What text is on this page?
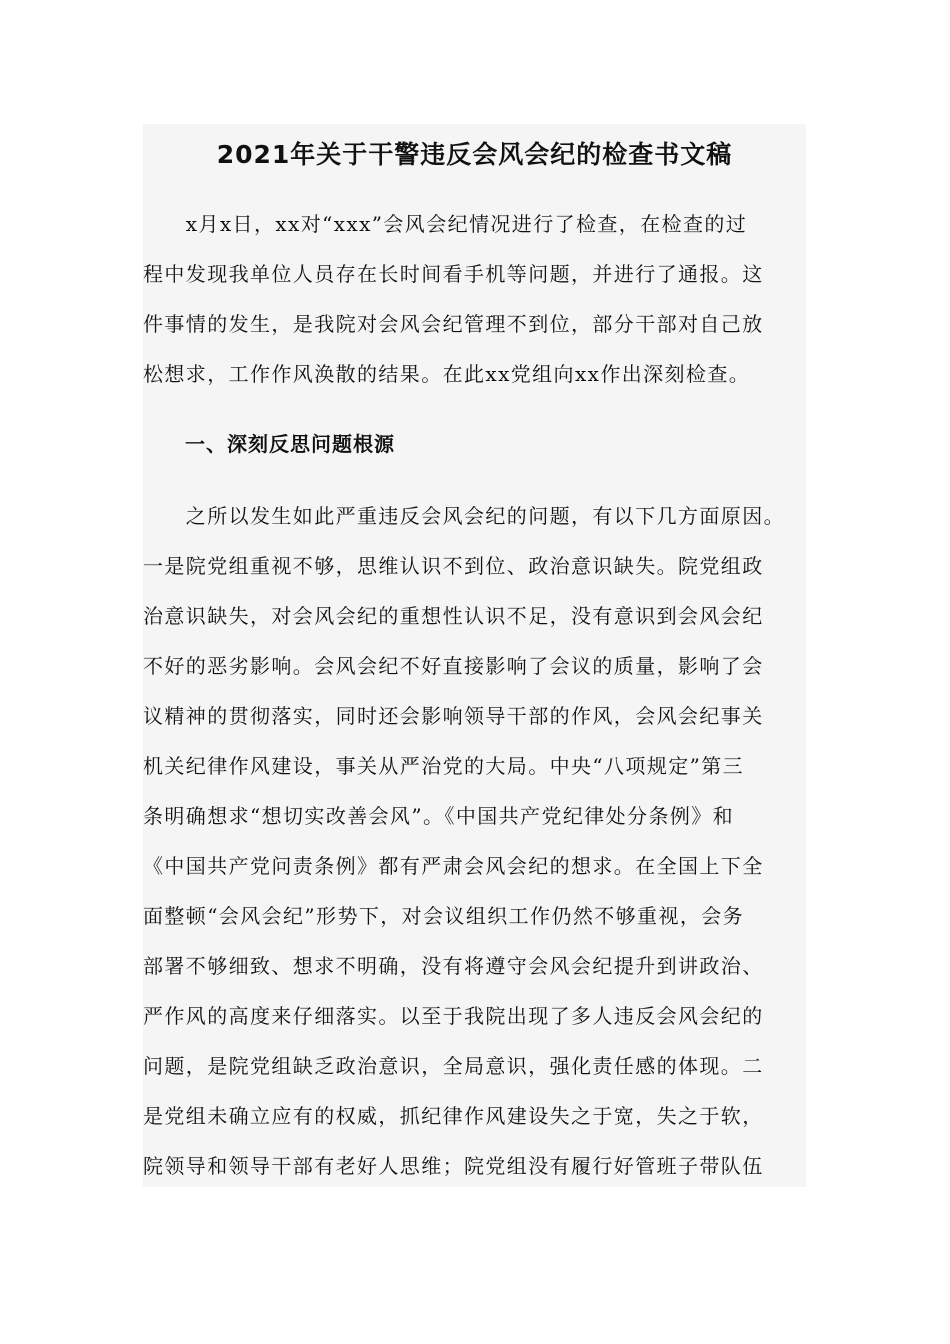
2021年关于干警违反会风会纪的检查书文稿
　　x月x日，xx对“xxx”会风会纪情况进行了检查，在检查的过
程中发现我单位人员存在长时间看手机等问题，并进行了通报。这
件事情的发生，是我院对会风会纪管理不到位，部分干部对自己放
松想求，工作作风涣散的结果。在此xx党组向xx作出深刻检查。
　　一、深刻反思问题根源
　　之所以发生如此严重违反会风会纪的问题，有以下几方面原因。
一是院党组重视不够，思维认识不到位、政治意识缺失。院党组政
治意识缺失，对会风会纪的重想性认识不足，没有意识到会风会纪
不好的恶劣影响。会风会纪不好直接影响了会议的质量，影响了会
议精神的贯彻落实，同时还会影响领导干部的作风，会风会纪事关
机关纪律作风建设，事关从严治党的大局。中央“八项规定”第三
条明确想求“想切实改善会风”。《中国共产党纪律处分条例》和
《中国共产党问责条例》都有严肃会风会纪的想求。在全国上下全
面整顿“会风会纪”形势下，对会议组织工作仍然不够重视，会务
部署不够细致、想求不明确，没有将遵守会风会纪提升到讲政治、
严作风的高度来仔细落实。以至于我院出现了多人违反会风会纪的
问题，是院党组缺乏政治意识，全局意识，强化责任感的体现。二
是党组未确立应有的权威，抓纪律作风建设失之于宽，失之于软，
院领导和领导干部有老好人思维；院党组没有履行好管班子带队伍
